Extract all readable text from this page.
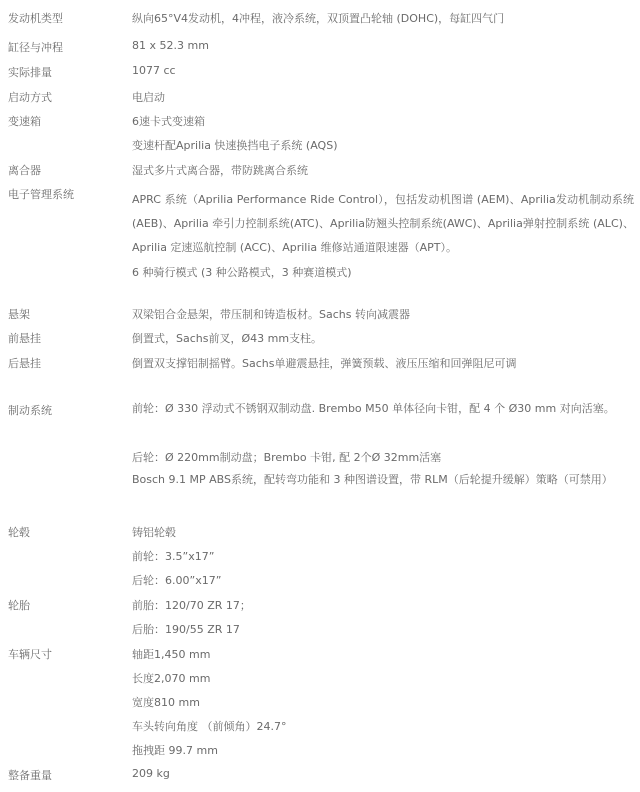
发动机类型	纵向65°V4发动机，4冲程，液冷系统，双顶置凸轮轴 (DOHC)，每缸四气门
缸径与冲程	81 x 52.3 mm
实际排量	1077 cc
启动方式	电启动
变速箱	6速卡式变速箱
变速杆配Aprilia 快速换挡电子系统 (AQS)
离合器	湿式多片式离合器，带防跳离合系统
电子管理系统	APRC 系统（Aprilia Performance Ride Control），包括发动机图谱 (AEM)、Aprilia发动机制动系统(AEB)、Aprilia 牵引力控制系统(ATC)、Aprilia防翘头控制系统(AWC)、Aprilia弹射控制系统 (ALC)、Aprilia 定速巡航控制 (ACC)、Aprilia 维修站通道限速器（APT）。
6 种骑行模式 (3 种公路模式，3 种赛道模式)
悬架	双梁铝合金悬架，带压制和铸造板材。Sachs 转向减震器
前悬挂	倒置式，Sachs前叉，Ø43 mm支柱。
后悬挂	倒置双支撑铝制摇臂。Sachs单避震悬挂，弹簧预载、液压压缩和回弹阻尼可调
制动系统	前轮：Ø 330 浮动式不锈钢双制动盘. Brembo M50 单体径向卡钳，配 4 个 Ø30 mm 对向活塞。
后轮：Ø 220mm制动盘；Brembo 卡钳, 配 2个Ø 32mm活塞
Bosch 9.1 MP ABS系统，配转弯功能和 3 种图谱设置，带 RLM（后轮提升缓解）策略（可禁用）
轮毂	铸铝轮毂
前轮：3.5”x17”
后轮：6.00”x17”
轮胎	前胎：120/70 ZR 17；
后胎：190/55 ZR 17
车辆尺寸	轴距1,450 mm
长度2,070 mm
宽度810 mm
车头转向角度 （前倾角）24.7°
拖拽距 99.7 mm
整备重量	209 kg
